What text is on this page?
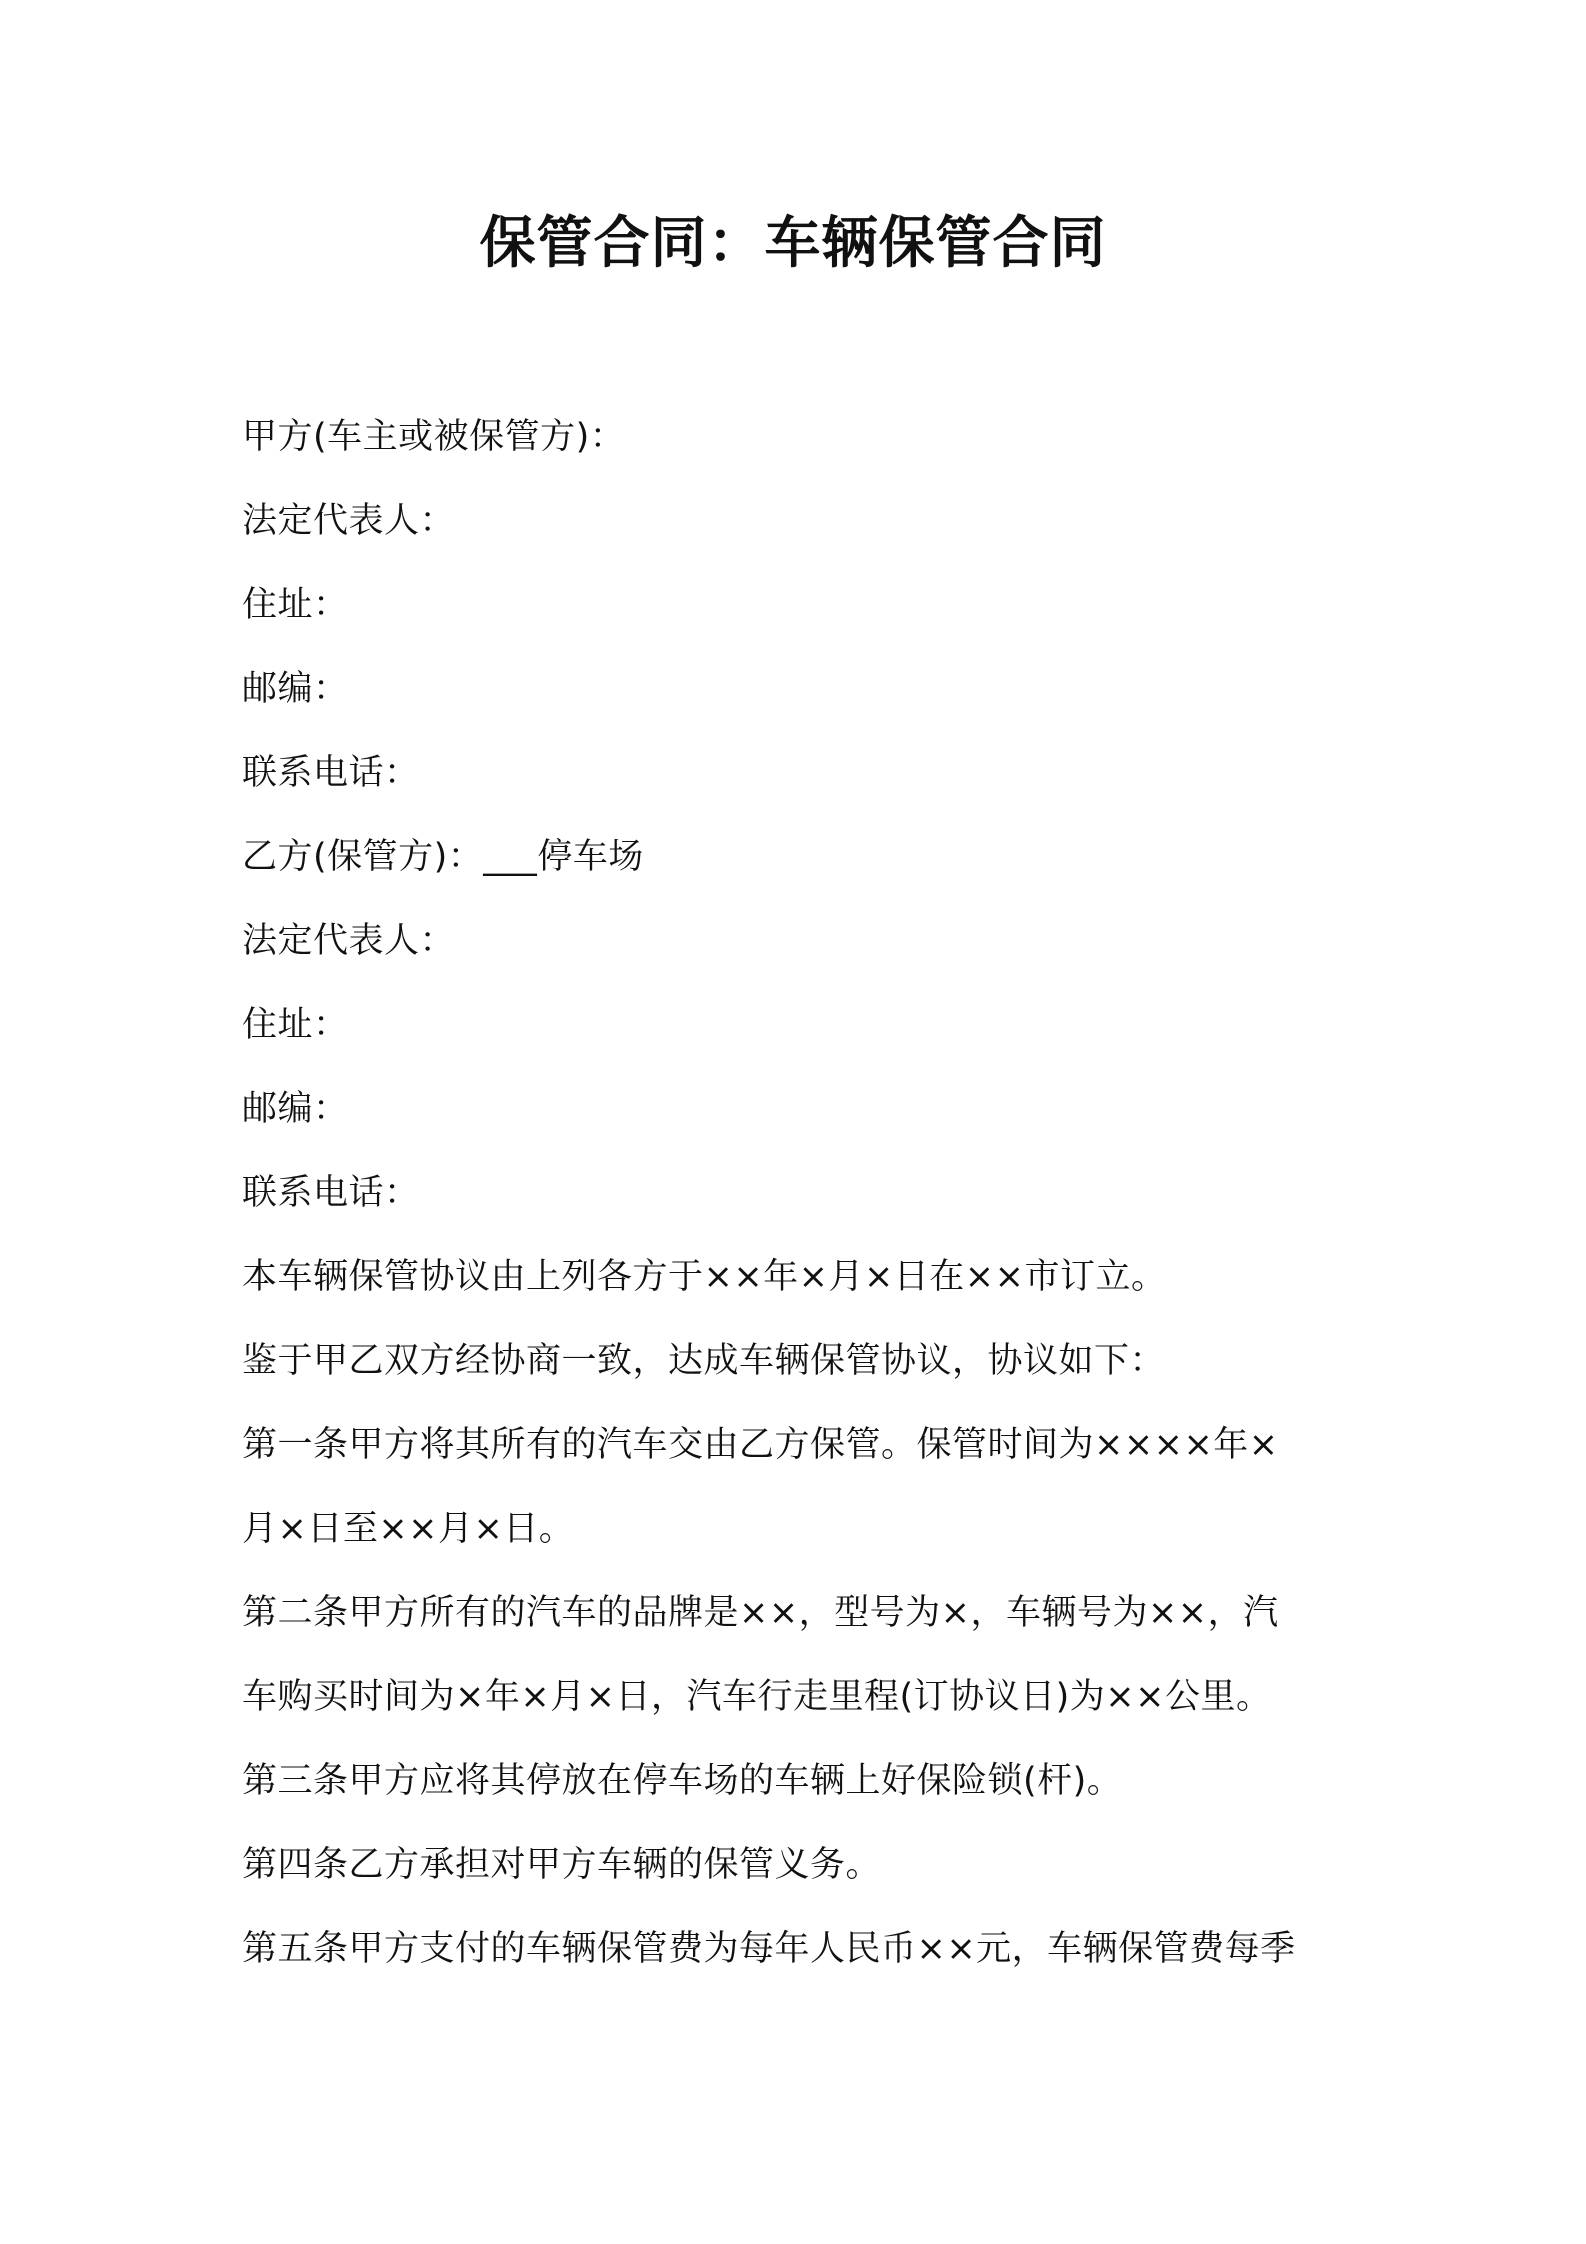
保管合同：车辆保管合同
甲方(车主或被保管方)：
法定代表人：
住址：
邮编：
联系电话：
乙方(保管方)：___停车场
法定代表人：
住址：
邮编：
联系电话：
本车辆保管协议由上列各方于××年×月×日在××市订立。
鉴于甲乙双方经协商一致，达成车辆保管协议，协议如下：
第一条甲方将其所有的汽车交由乙方保管。保管时间为××××年×
月×日至××月×日。
第二条甲方所有的汽车的品牌是××，型号为×，车辆号为××，汽
车购买时间为×年×月×日，汽车行走里程(订协议日)为××公里。
第三条甲方应将其停放在停车场的车辆上好保险锁(杆)。
第四条乙方承担对甲方车辆的保管义务。
第五条甲方支付的车辆保管费为每年人民币××元，车辆保管费每季
